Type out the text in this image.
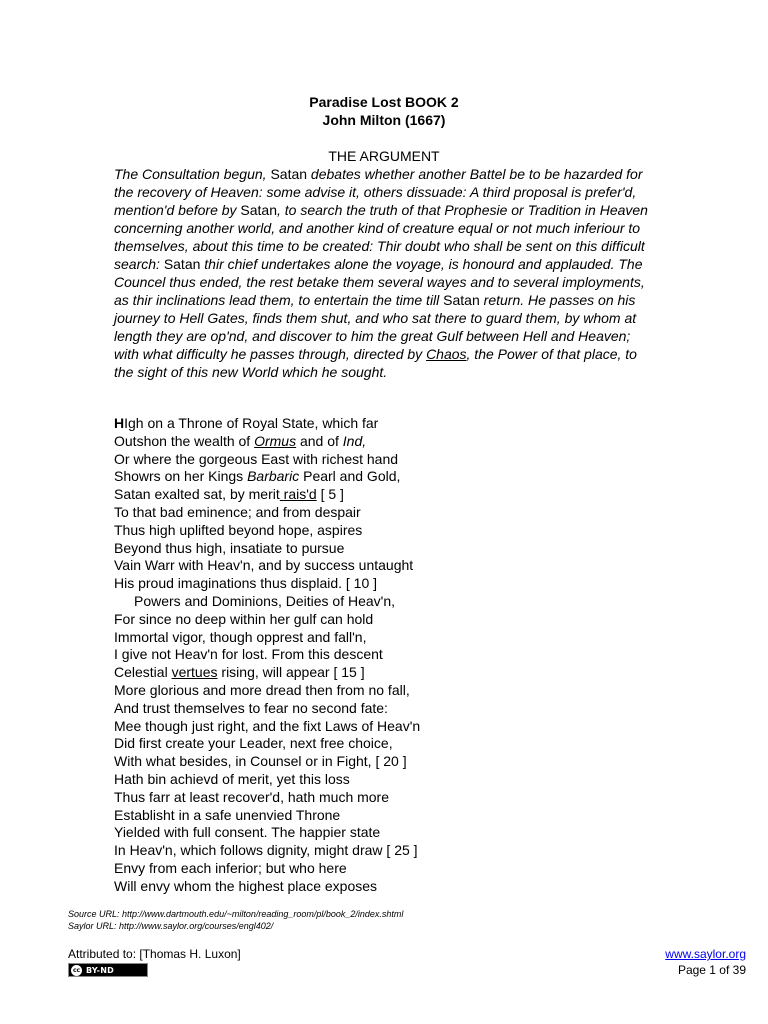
Paradise Lost BOOK 2
John Milton (1667)
THE ARGUMENT

The Consultation begun, Satan debates whether another Battel be to be hazarded for the recovery of Heaven: some advise it, others dissuade: A third proposal is prefer'd, mention'd before by Satan, to search the truth of that Prophesie or Tradition in Heaven concerning another world, and another kind of creature equal or not much inferiour to themselves, about this time to be created: Thir doubt who shall be sent on this difficult search: Satan thir chief undertakes alone the voyage, is honourd and applauded. The Councel thus ended, the rest betake them several wayes and to several imployments, as thir inclinations lead them, to entertain the time till Satan return. He passes on his journey to Hell Gates, finds them shut, and who sat there to guard them, by whom at length they are op'nd, and discover to him the great Gulf between Hell and Heaven; with what difficulty he passes through, directed by Chaos, the Power of that place, to the sight of this new World which he sought.

HIgh on a Throne of Royal State, which far
Outshon the wealth of Ormus and of Ind,
Or where the gorgeous East with richest hand
Showrs on her Kings Barbaric Pearl and Gold,
Satan exalted sat, by merit rais'd [ 5 ]
To that bad eminence; and from despair
Thus high uplifted beyond hope, aspires
Beyond thus high, insatiate to pursue
Vain Warr with Heav'n, and by success untaught
His proud imaginations thus displaid. [ 10 ]
Powers and Dominions, Deities of Heav'n,
For since no deep within her gulf can hold
Immortal vigor, though opprest and fall'n,
I give not Heav'n for lost. From this descent
Celestial vertues rising, will appear [ 15 ]
More glorious and more dread then from no fall,
And trust themselves to fear no second fate:
Mee though just right, and the fixt Laws of Heav'n
Did first create your Leader, next free choice,
With what besides, in Counsel or in Fight, [ 20 ]
Hath bin achievd of merit, yet this loss
Thus farr at least recover'd, hath much more
Establisht in a safe unenvied Throne
Yielded with full consent. The happier state
In Heav'n, which follows dignity, might draw [ 25 ]
Envy from each inferior; but who here
Will envy whom the highest place exposes

Source URL: http://www.dartmouth.edu/~milton/reading_room/pl/book_2/index.shtml

Saylor URL: http://www.saylor.org/courses/engl402/

Attributed to: [Thomas H. Luxon]

cc BY-ND
www.saylor.org

Page 1 of 39
